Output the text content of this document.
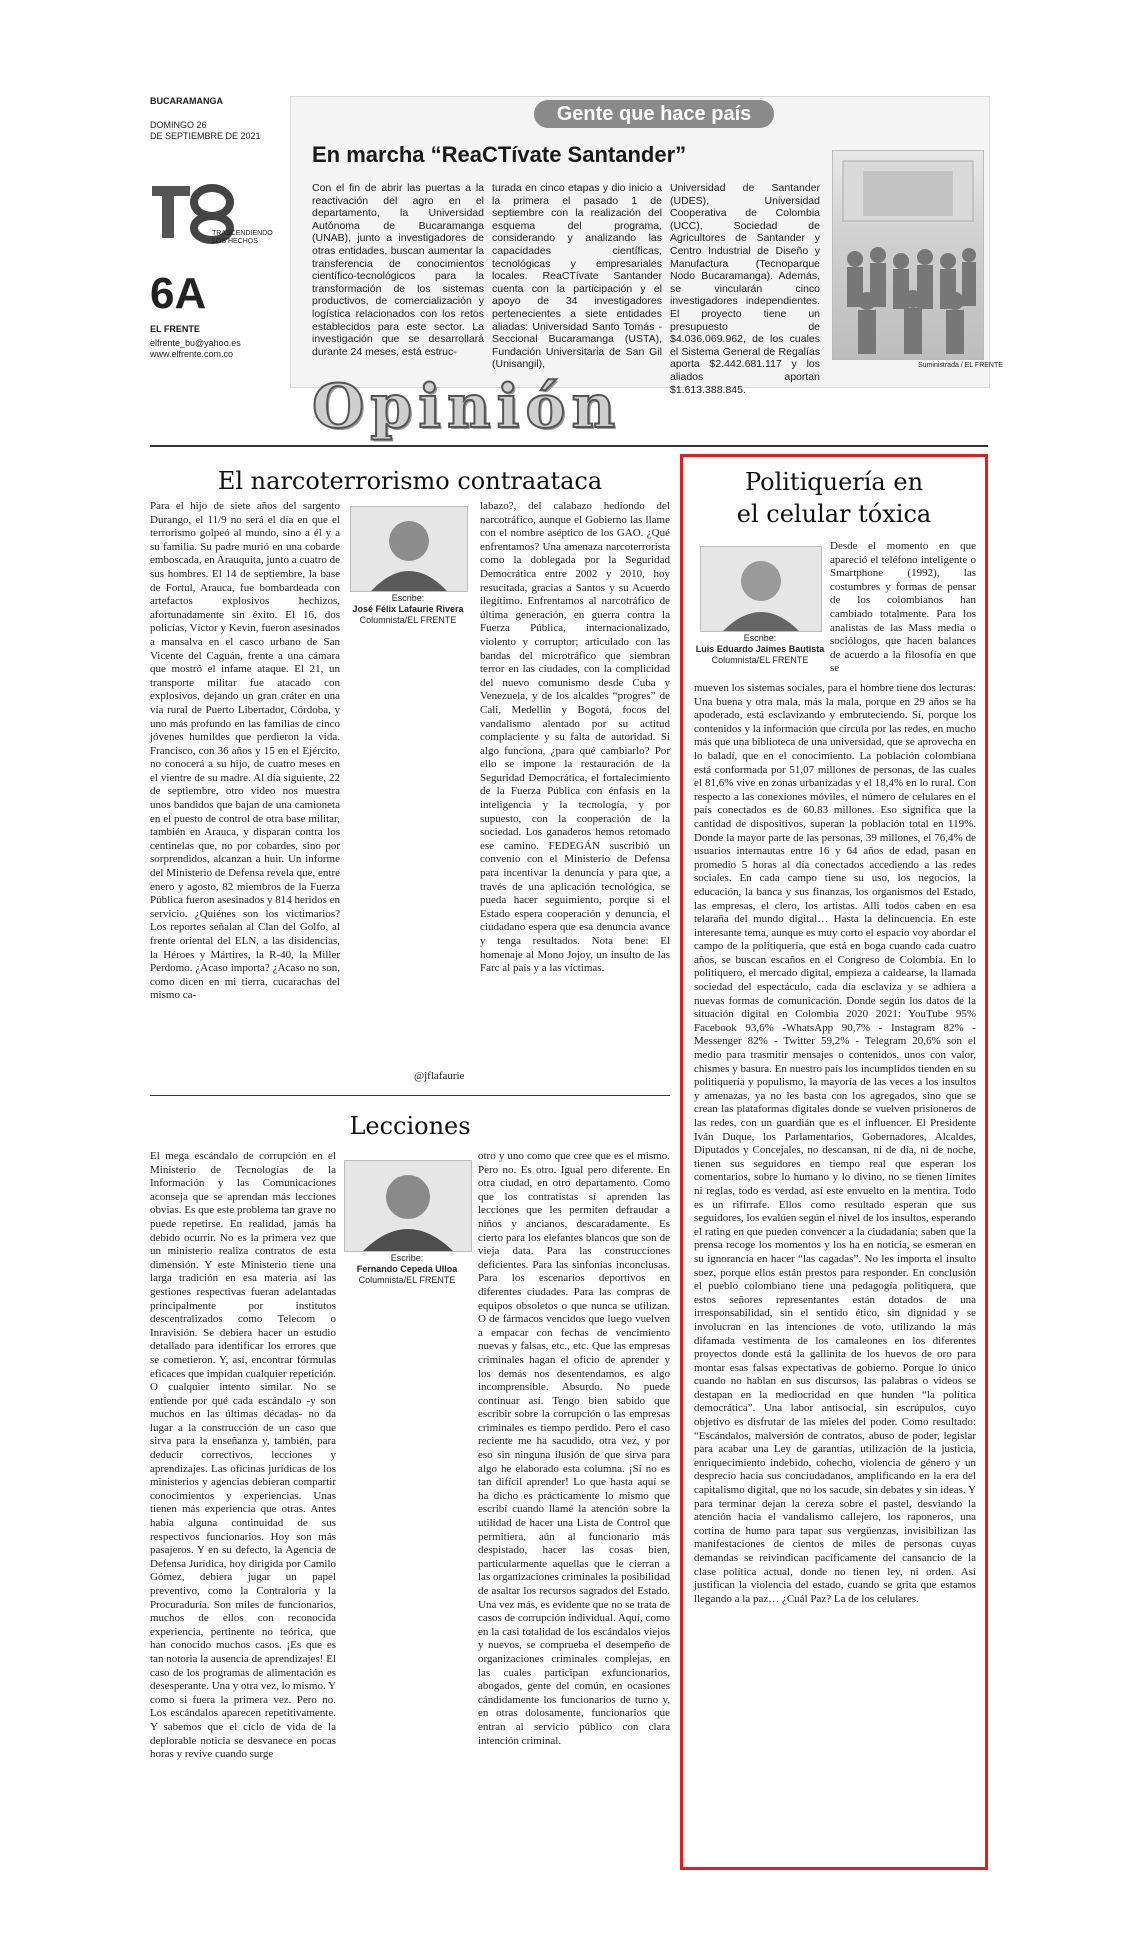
BUCARAMANGA
DOMINGO 26
DE SEPTIEMBRE DE 2021
TRASCENDIENDO
LOS HECHOS
6A
EL FRENTE
elfrente_bu@yahoo.es
www.elfrente.com.co
Gente que hace país
En marcha “ReaCTívate Santander”
Con el fin de abrir las puertas a la reactivación del agro en el departamento, la Universidad Autónoma de Bucaramanga (UNAB), junto a investigadores de otras entidades, buscan aumentar la transferencia de conocimientos científico-tecnológicos para la transformación de los sistemas productivos, de comercialización y logística relacionados con los retos establecidos para este sector. La investigación que se desarrollará durante 24 meses, está estruc-
turada en cinco etapas y dio inicio a la primera el pasado 1 de septiembre con la realización del esquema del programa, considerando y analizando las capacidades científicas, tecnológicas y empresariales locales. ReaCTívate Santander cuenta con la participación y el apoyo de 34 investigadores pertenecientes a siete entidades aliadas: Universidad Santo Tomás -Seccional Bucaramanga (USTA), Fundación Universitaria de San Gil (Unisangil),
Universidad de Santander (UDES), Universidad Cooperativa de Colombia (UCC), Sociedad de Agricultores de Santander y Centro Industrial de Diseño y Manufactura (Tecnoparque Nodo Bucaramanga). Además, se vincularán cinco investigadores independientes. El proyecto tiene un presupuesto de $4.036.069.962, de los cuales el Sistema General de Regalías aporta $2.442.681.117 y los aliados aportan $1.613.388.845.
Suministrada / EL FRENTE
Opinión
El narcoterrorismo contraataca
Escribe:
José Félix Lafaurie Rivera
Columnista/EL FRENTE

Para el hijo de siete años del sargento Durango, el 11/9 no será el día en que el terrorismo golpeó al mundo, sino a él y a su familia. Su padre murió en una cobarde emboscada, en Arauquita, junto a cuatro de sus hombres. El 14 de septiembre, la base de Fortul, Arauca, fue bombardeada con artefactos explosivos hechizos, afortunadamente sin éxito. El 16, dos policías, Víctor y Kevin, fueron asesinados a mansalva en el casco urbano de San Vicente del Caguán, frente a una cámara que mostró el infame ataque. El 21, un transporte militar fue atacado con explosivos, dejando un gran cráter en una vía rural de Puerto Libertador, Córdoba, y uno más profundo en las familias de cinco jóvenes humildes que perdieron la vida. Francisco, con 36 años y 15 en el Ejército, no conocerá a su hijo, de cuatro meses en el vientre de su madre. Al día siguiente, 22 de septiembre, otro video nos muestra unos bandidos que bajan de una camioneta en el puesto de control de otra base militar, también en Arauca, y disparan contra los centinelas que, no por cobardes, sino por sorprendidos, alcanzan a huir. Un informe del Ministerio de Defensa revela que, entre enero y agosto, 82 miembros de la Fuerza Pública fueron asesinados y 814 heridos en servicio. ¿Quiénes son los victimarios? Los reportes señalan al Clan del Golfo, al frente oriental del ELN, a las disidencias, la Héroes y Mártires, la R-40, la Miller Perdomo. ¿Acaso importa? ¿Acaso no son, como dicen en mi tierra, cucarachas del mismo ca-

labazo?, del calabazo hediondo del narcotráfico, aunque el Gobierno las llame con el nombre aséptico de los GAO. ¿Qué enfrentamos? Una amenaza narcoterrorista como la doblegada por la Seguridad Democrática entre 2002 y 2010, hoy resucitada, gracias a Santos y su Acuerdo ilegítimo. Enfrentamos al narcotráfico de última generación, en guerra contra la Fuerza Pública, internacionalizado, violento y corruptor; articulado con las bandas del microtráfico que siembran terror en las ciudades, con la complicidad del nuevo comunismo desde Cuba y Venezuela, y de los alcaldes “progres” de Cali, Medellín y Bogotá, focos del vandalismo alentado por su actitud complaciente y su falta de autoridad. Si algo funciona, ¿para qué cambiarlo? Por ello se impone la restauración de la Seguridad Democrática, el fortalecimiento de la Fuerza Pública con énfasis en la inteligencia y la tecnología, y por supuesto, con la cooperación de la sociedad. Los ganaderos hemos retomado ese camino. FEDEGÁN suscribió un convenio con el Ministerio de Defensa para incentivar la denuncia y para que, a través de una aplicación tecnológica, se pueda hacer seguimiento, porque si el Estado espera cooperación y denuncia, el ciudadano espera que esa denuncia avance y tenga resultados. Nota bene: El homenaje al Mono Jojoy, un insulto de las Farc al país y a las víctimas.

@jflafaurie
Lecciones
Escribe:
Fernando Cepeda Ulloa
Columnista/EL FRENTE

El mega escándalo de corrupción en el Ministerio de Tecnologías de la Información y las Comunicaciones aconseja que se aprendan más lecciones obvias. Es que este problema tan grave no puede repetirse. En realidad, jamás ha debido ocurrir. No es la primera vez que un ministerio realiza contratos de esta dimensión. Y este Ministerio tiene una larga tradición en esa materia así las gestiones respectivas fueran adelantadas principalmente por institutos descentralizados como Telecom o Inravisión. Se debiera hacer un estudio detallado para identificar los errores que se cometieron. Y, así, encontrar fórmulas eficaces que impidan cualquier repetición. O cualquier intento similar. No se entiende por qué cada escándalo -y son muchos en las últimas décadas- no da lugar a la construcción de un caso que sirva para la enseñanza y, también, para deducir correctivos, lecciones y aprendizajes. Las oficinas jurídicas de los ministerios y agencias debieran compartir conocimientos y experiencias. Unas tienen más experiencia que otras. Antes había alguna continuidad de sus respectivos funcionarios. Hoy son más pasajeros. Y en su defecto, la Agencia de Defensa Jurídica, hoy dirigida por Camilo Gómez, debiera jugar un papel preventivo, como la Contraloría y la Procuraduría. Son miles de funcionarios, muchos de ellos con reconocida experiencia, pertinente no teórica, que han conocido muchos casos. ¡Es que es tan notoria la ausencia de aprendizajes! El caso de los programas de alimentación es desesperante. Una y otra vez, lo mismo. Y como si fuera la primera vez. Pero no. Los escándalos aparecen repetitivamente. Y sabemos que el ciclo de vida de la deplorable noticia se desvanece en pocas horas y revive cuando surge

otro y uno como que cree que es el mismo. Pero no. Es otro. Igual pero diferente. En otra ciudad, en otro departamento. Como que los contratistas sí aprenden las lecciones que les permiten defraudar a niños y ancianos, descaradamente. Es cierto para los elefantes blancos que son de vieja data. Para las construcciones deficientes. Para las sinfonías inconclusas. Para los escenarios deportivos en diferentes ciudades. Para las compras de equipos obsoletos o que nunca se utilizan. O de fármacos vencidos que luego vuelven a empacar con fechas de vencimiento nuevas y falsas, etc., etc. Que las empresas criminales hagan el oficio de aprender y los demás nos desentendamos, es algo incomprensible. Absurdo. No puede continuar así. Tengo bien sabido que escribir sobre la corrupción o las empresas criminales es tiempo perdido. Pero el caso reciente me ha sacudido, otra vez, y por eso sin ninguna ilusión de que sirva para algo he elaborado esta columna. ¡Sí no es tan difícil aprender! Lo que hasta aquí se ha dicho es prácticamente lo mismo que escribí cuando llamé la atención sobre la utilidad de hacer una Lista de Control que permitiera, aún al funcionario más despistado, hacer las cosas bien, particularmente aquellas que le cierran a las organizaciones criminales la posibilidad de asaltar los recursos sagrados del Estado. Una vez más, es evidente que no se trata de casos de corrupción individual. Aquí, como en la casi totalidad de los escándalos viejos y nuevos, se comprueba el desempeño de organizaciones criminales complejas, en las cuales participan exfuncionarios, abogados, gente del común, en ocasiones cándidamente los funcionarios de turno y, en otras dolosamente, funcionarios que entran al servicio público con clara intención criminal.

Politiquería en
el celular tóxica
Escribe:
Luis Eduardo Jaimes Bautista
Columnista/EL FRENTE

Desde el momento en que apareció el teléfono inteligente o Smartphone (1992), las costumbres y formas de pensar de los colombianos han cambiado totalmente. Para los analistas de las Mass media o sociólogos, que hacen balances de acuerdo a la filosofía en que se

mueven los sistemas sociales, para el hombre tiene dos lecturas: Una buena y otra mala, más la mala, porque en 29 años se ha apoderado, está esclavizando y embruteciendo. Sí, porque los contenidos y la información que circula por las redes, en mucho más que una biblioteca de una universidad, que se aprovecha en lo baladí, que en el conocimiento. La población colombiana está conformada por 51,07 millones de personas, de las cuales el 81,6% vive en zonas urbanizadas y el 18,4% en lo rural. Con respecto a las conexiones móviles, el número de celulares en el país conectados es de 60.83 millones. Eso significa que la cantidad de dispositivos, superan la población total en 119%. Donde la mayor parte de las personas, 39 millones, el 76,4% de usuarios internautas entre 16 y 64 años de edad, pasan en promedio 5 horas al día conectados accediendo a las redes sociales. En cada campo tiene su uso, los negocios, la educación, la banca y sus finanzas, los organismos del Estado, las empresas, el clero, los artistas. Allí todos caben en esa telaraña del mundo digital… Hasta la delincuencia. En este interesante tema, aunque es muy corto el espacio voy abordar el campo de la politiquería, que está en boga cuando cada cuatro años, se buscan escaños en el Congreso de Colombia. En lo politiquero, el mercado digital, empieza a caldearse, la llamada sociedad del espectáculo, cada día esclaviza y se adhiera a nuevas formas de comunicación. Donde según los datos de la situación digital en Colombia 2020 2021: YouTube 95% Facebook 93,6% -WhatsApp 90,7% - Instagram 82% - Messenger 82% - Twitter 59,2% - Telegram 20,6% son el medio para trasmitir mensajes o contenidos, unos con valor, chismes y basura. En nuestro país los incumplidos tienden en su politiquería y populismo, la mayoría de las veces a los insultos y amenazas, ya no les basta con los agregados, sino que se crean las plataformas digitales donde se vuelven prisioneros de las redes, con un guardián que es el influencer. El Presidente Iván Duque, los Parlamentarios, Gobernadores, Alcaldes, Diputados y Concejales, no descansan, ni de día, ni de noche, tienen sus seguidores en tiempo real que esperan los comentarios, sobre lo humano y lo divino, no se tienen límites ni reglas, todo es verdad, así este envuelto en la mentira. Todo es un rifirrafe. Ellos como resultado esperan que sus seguidores, los evalúen según el nivel de los insultos, esperando el rating en que pueden convencer a la ciudadanía; saben que la prensa recoge los momentos y los ha en noticia, se esmeran en su ignorancia en hacer “las cagadas”. No les importa el insulto soez, porque ellos están prestos para responder. En conclusión el pueblo colombiano tiene una pedagogía politiquera, que estos señores representantes están dotados de una irresponsabilidad, sin el sentido ético, sin dignidad y se involucran en las intenciones de voto, utilizando la más difamada vestimenta de los camaleones en los diferentes proyectos donde está la gallinita de los huevos de oro para montar esas falsas expectativas de gobierno. Porque lo único cuando no hablan en sus discursos, las palabras o videos se destapan en la mediocridad en que hunden “la política democrática”. Una labor antisocial, sin escrúpulos, cuyo objetivo es disfrutar de las mieles del poder. Como resultado: “Escándalos, malversión de contratos, abuso de poder, legislar para acabar una Ley de garantías, utilización de la justicia, enriquecimiento indebido, cohecho, violencia de género y un desprecio hacia sus conciudadanos, amplificando en la era del capitalismo digital, que no los sacude, sin debates y sin ideas. Y para terminar dejan la cereza sobre el pastel, desviando la atención hacia el vandalismo callejero, los raponeros, una cortina de humo para tapar sus vergüenzas, invisibilizan las manifestaciones de cientos de miles de personas cuyas demandas se reivindican pacíficamente del cansancio de la clase política actual, donde no tienen ley, ni orden. Así justifican la violencia del estado, cuando se grita que estamos llegando a la paz… ¿Cuál Paz? La de los celulares.
